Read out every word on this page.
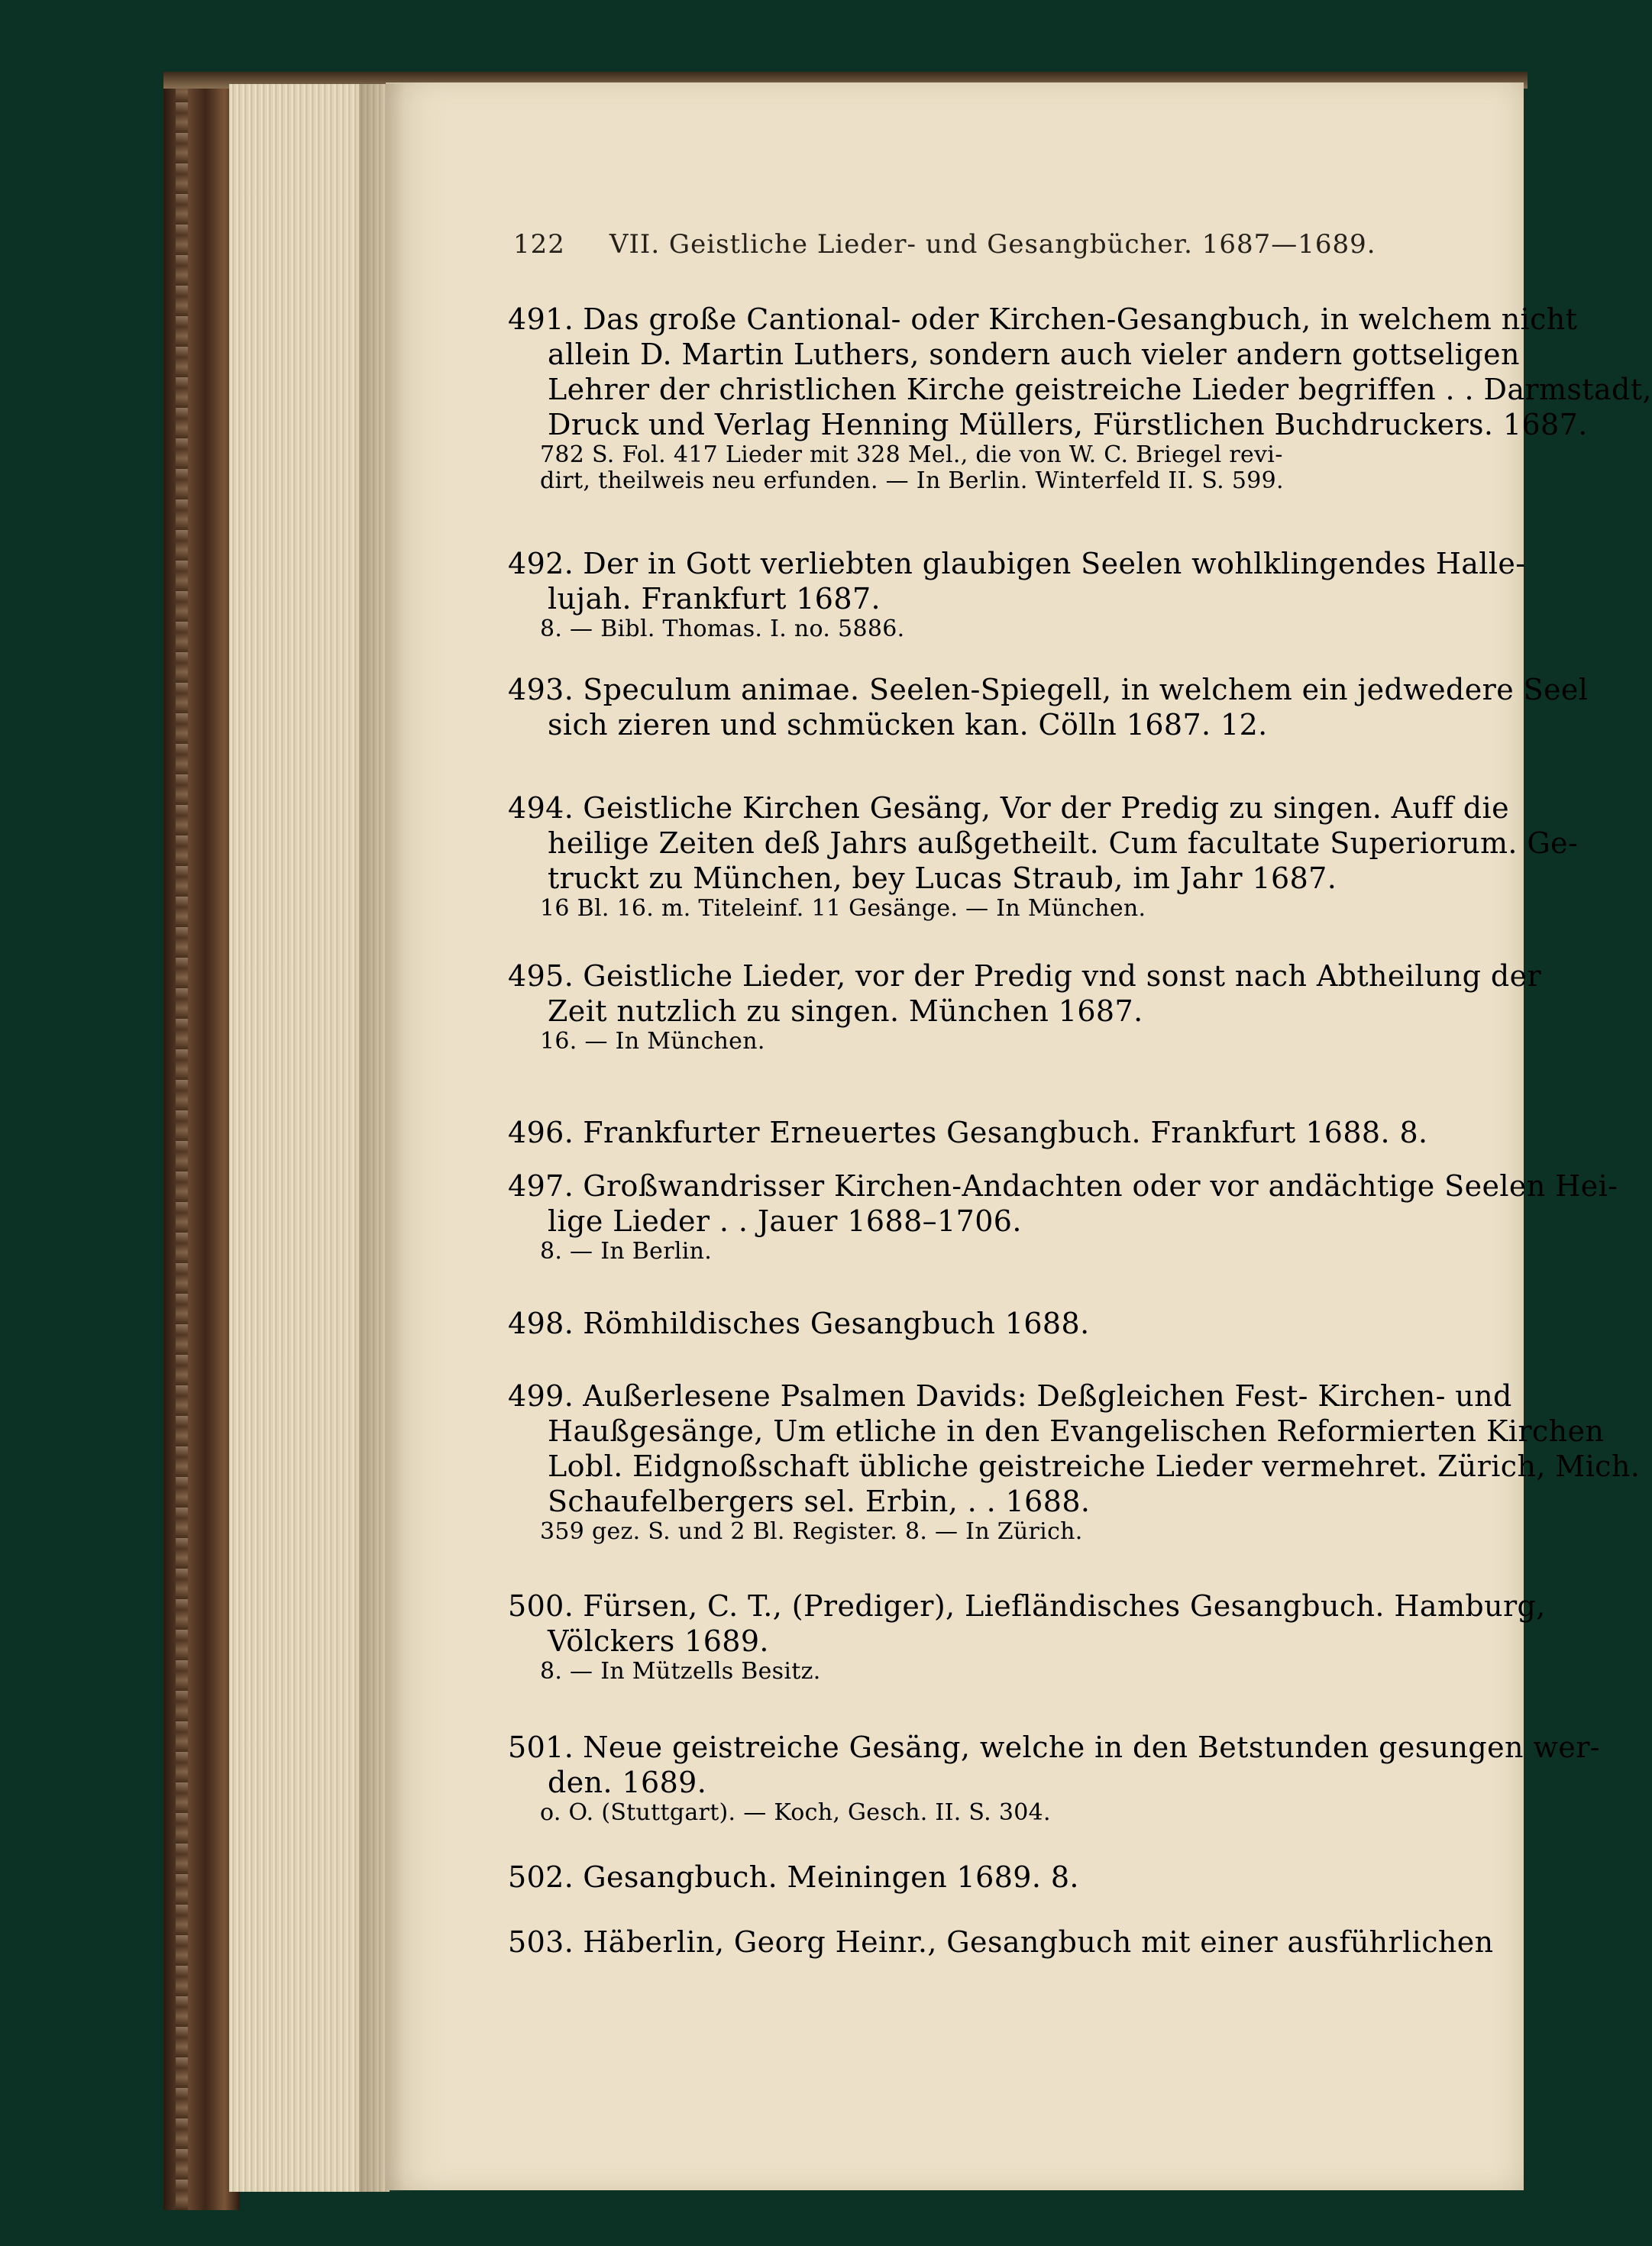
122 VII. Geistliche Lieder- und Gesangbücher. 1687—1689.
491. Das große Cantional- oder Kirchen-Gesangbuch, in welchem nicht
allein D. Martin Luthers, sondern auch vieler andern gottseligen
Lehrer der christlichen Kirche geistreiche Lieder begriffen . . Darmstadt,
Druck und Verlag Henning Müllers, Fürstlichen Buchdruckers. 1687.
782 S. Fol. 417 Lieder mit 328 Mel., die von W. C. Briegel revi-
dirt, theilweis neu erfunden. — In Berlin. Winterfeld II. S. 599.
492. Der in Gott verliebten glaubigen Seelen wohlklingendes Halle-
lujah. Frankfurt 1687.
8. — Bibl. Thomas. I. no. 5886.
493. Speculum animae. Seelen-Spiegell, in welchem ein jedwedere Seel
sich zieren und schmücken kan. Cölln 1687. 12.
494. Geistliche Kirchen Gesäng, Vor der Predig zu singen. Auff die
heilige Zeiten deß Jahrs außgetheilt. Cum facultate Superiorum. Ge-
truckt zu München, bey Lucas Straub, im Jahr 1687.
16 Bl. 16. m. Titeleinf. 11 Gesänge. — In München.
495. Geistliche Lieder, vor der Predig vnd sonst nach Abtheilung der
Zeit nutzlich zu singen. München 1687.
16. — In München.
496. Frankfurter Erneuertes Gesangbuch. Frankfurt 1688. 8.
497. Großwandrisser Kirchen-Andachten oder vor andächtige Seelen Hei-
lige Lieder . . Jauer 1688–1706.
8. — In Berlin.
498. Römhildisches Gesangbuch 1688.
499. Außerlesene Psalmen Davids: Deßgleichen Fest- Kirchen- und
Haußgesänge, Um etliche in den Evangelischen Reformierten Kirchen
Lobl. Eidgnoßschaft übliche geistreiche Lieder vermehret. Zürich, Mich.
Schaufelbergers sel. Erbin, . . 1688.
359 gez. S. und 2 Bl. Register. 8. — In Zürich.
500. Fürsen, C. T., (Prediger), Liefländisches Gesangbuch. Hamburg,
Völckers 1689.
8. — In Mützells Besitz.
501. Neue geistreiche Gesäng, welche in den Betstunden gesungen wer-
den. 1689.
o. O. (Stuttgart). — Koch, Gesch. II. S. 304.
502. Gesangbuch. Meiningen 1689. 8.
503. Häberlin, Georg Heinr., Gesangbuch mit einer ausführlichen
